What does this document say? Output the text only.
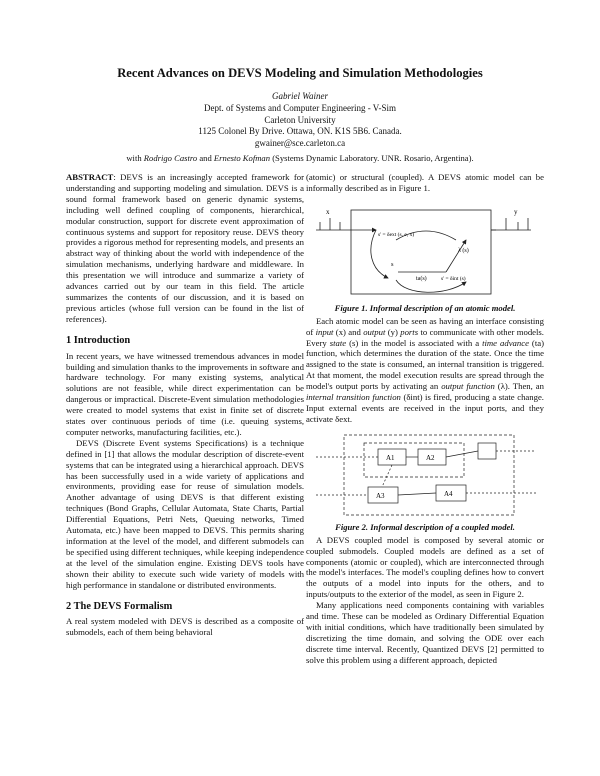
Recent Advances on DEVS Modeling and Simulation Methodologies
Gabriel Wainer
Dept. of Systems and Computer Engineering - V-Sim
Carleton University
1125 Colonel By Drive. Ottawa, ON. K1S 5B6. Canada.
gwainer@sce.carleton.ca
with Rodrigo Castro and Ernesto Kofman (Systems Dynamic Laboratory. UNR. Rosario, Argentina).

ABSTRACT: DEVS is an increasingly accepted framework for understanding and supporting modeling and simulation. DEVS is a sound formal framework based on generic dynamic systems, including well defined coupling of components, hierarchical, modular construction, support for discrete event approximation of continuous systems and support for repository reuse. DEVS theory provides a rigorous method for representing models, and presents an abstract way of thinking about the world with independence of the simulation mechanisms, underlying hardware and middleware. In this presentation we will introduce and summarize a variety of advances carried out by our team in this field. The article summarizes the contents of our discussion, and it is based on previous articles (whose full version can be found in the list of references).

1 Introduction

In recent years, we have witnessed tremendous advances in model building and simulation thanks to the improvements in software and hardware technology. For many existing systems, analytical solutions are not feasible, while direct experimentation can be dangerous or impractical. Discrete-Event simulation methodologies were created to model systems that exist in finite set of discrete states over continuous periods of time (i.e. queuing systems, computer networks, manufacturing facilities, etc.).

DEVS (Discrete Event systems Specifications) is a technique defined in [1] that allows the modular description of discrete-event systems that can be integrated using a hierarchical approach. DEVS has been successfully used in a wide variety of applications and environments, providing ease for reuse of simulation models. Another advantage of using DEVS is that different existing techniques (Bond Graphs, Cellular Automata, State Charts, Partial Differential Equations, Petri Nets, Queuing networks, Timed Automata, etc.) have been mapped to DEVS. This permits sharing information at the level of the model, and different submodels can be specified using different techniques, while keeping independence at the level of the simulation engine. Existing DEVS tools have shown their ability to execute such wide variety of models with high performance in standalone or distributed environments.

2 The DEVS Formalism

A real system modeled with DEVS is described as a composite of submodels, each of them being behavioral

(atomic) or structural (coupled). A DEVS atomic model can be informally described as in Figure 1.

x	y
s' = δext (s, e, x)
s
λ (s)
ta(s)	s' = δint (s)
Figure 1. Informal description of an atomic model.

Each atomic model can be seen as having an interface consisting of input (x) and output (y) ports to communicate with other models. Every state (s) in the model is associated with a time advance (ta) function, which determines the duration of the state. Once the time assigned to the state is consumed, an internal transition is triggered. At that moment, the model execution results are spread through the model's output ports by activating an output function (λ). Then, an internal transition function (δint) is fired, producing a state change. Input external events are received in the input ports, and they activate δext.

A1	A2
A3	A4
Figure 2. Informal description of a coupled model.

A DEVS coupled model is composed by several atomic or coupled submodels. Coupled models are defined as a set of components (atomic or coupled), which are interconnected through the model's interfaces. The model's coupling defines how to convert the outputs of a model into inputs for the others, and to inputs/outputs to the exterior of the model, as seen in Figure 2.

Many applications need components containing with variables and time. These can be modeled as Ordinary Differential Equation with initial conditions, which have traditionally been simulated by discretizing the time domain, and solving the ODE over each discrete time interval. Recently, Quantized DEVS [2] permitted to solve this problem using a different approach, depicted
